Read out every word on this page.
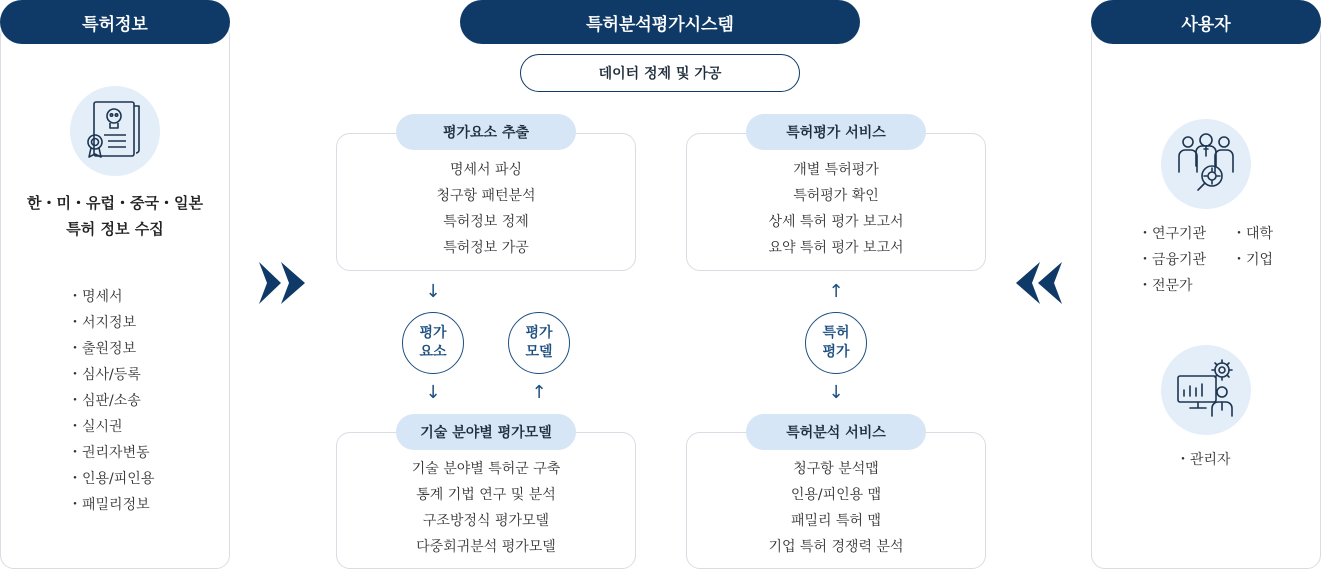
특허정보
한・미・유럽・중국・일본
특허 정보 수집
・명세서
・서지정보
・출원정보
・심사/등록
・심판/소송
・실시권
・권리자변동
・인용/피인용
・패밀리정보
특허분석평가시스템
데이터 정제 및 가공
평가요소 추출
명세서 파싱
청구항 패턴분석
특허정보 정제
특허정보 가공
특허평가 서비스
개별 특허평가
특허평가 확인
상세 특허 평가 보고서
요약 특허 평가 보고서
기술 분야별 평가모델
기술 분야별 특허군 구축
통계 기법 연구 및 분석
구조방정식 평가모델
다중회귀분석 평가모델
특허분석 서비스
청구항 분석맵
인용/피인용 맵
패밀리 특허 맵
기업 특허 경쟁력 분석
↓
평가
요소
↓
평가
모델
↑
↑
특허
평가
↓
사용자
・연구기관
・금융기관
・전문가
・대학
・기업
・관리자
